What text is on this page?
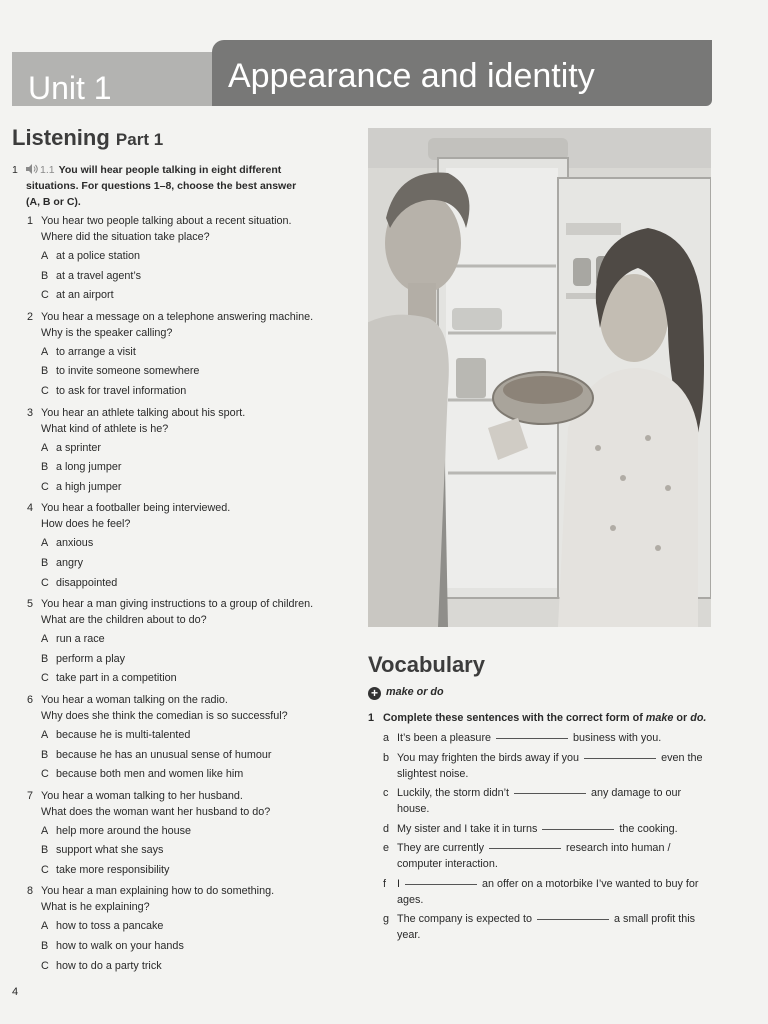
Unit 1	Appearance and identity
Listening Part 1
1 1.1 You will hear people talking in eight different
situations. For questions 1–8, choose the best answer
(A, B or C).
1 You hear two people talking about a recent situation.
Where did the situation take place?
A at a police station
B at a travel agent’s
C at an airport
2 You hear a message on a telephone answering machine.
Why is the speaker calling?
A to arrange a visit
B to invite someone somewhere
C to ask for travel information
3 You hear an athlete talking about his sport.
What kind of athlete is he?
A a sprinter
B a long jumper
C a high jumper
4 You hear a footballer being interviewed.
How does he feel?
A anxious
B angry
C disappointed
5 You hear a man giving instructions to a group of children.
What are the children about to do?
A run a race
B perform a play
C take part in a competition
6 You hear a woman talking on the radio.
Why does she think the comedian is so successful?
A because he is multi-talented
B because he has an unusual sense of humour
C because both men and women like him
7 You hear a woman talking to her husband.
What does the woman want her husband to do?
A help more around the house
B support what she says
C take more responsibility
8 You hear a man explaining how to do something.
What is he explaining?
A how to toss a pancake
B how to walk on your hands
C how to do a party trick
Vocabulary
+ make or do
1 Complete these sentences with the correct form of make or do.
a It’s been a pleasure	business with you.
b You may frighten the birds away if you	even the slightest noise.
c Luckily, the storm didn’t	any damage to our house.
d My sister and I take it in turns	the cooking.
e They are currently	research into human / computer interaction.
f I	an offer on a motorbike I’ve wanted to buy for ages.
g The company is expected to	a small profit this year.
4
